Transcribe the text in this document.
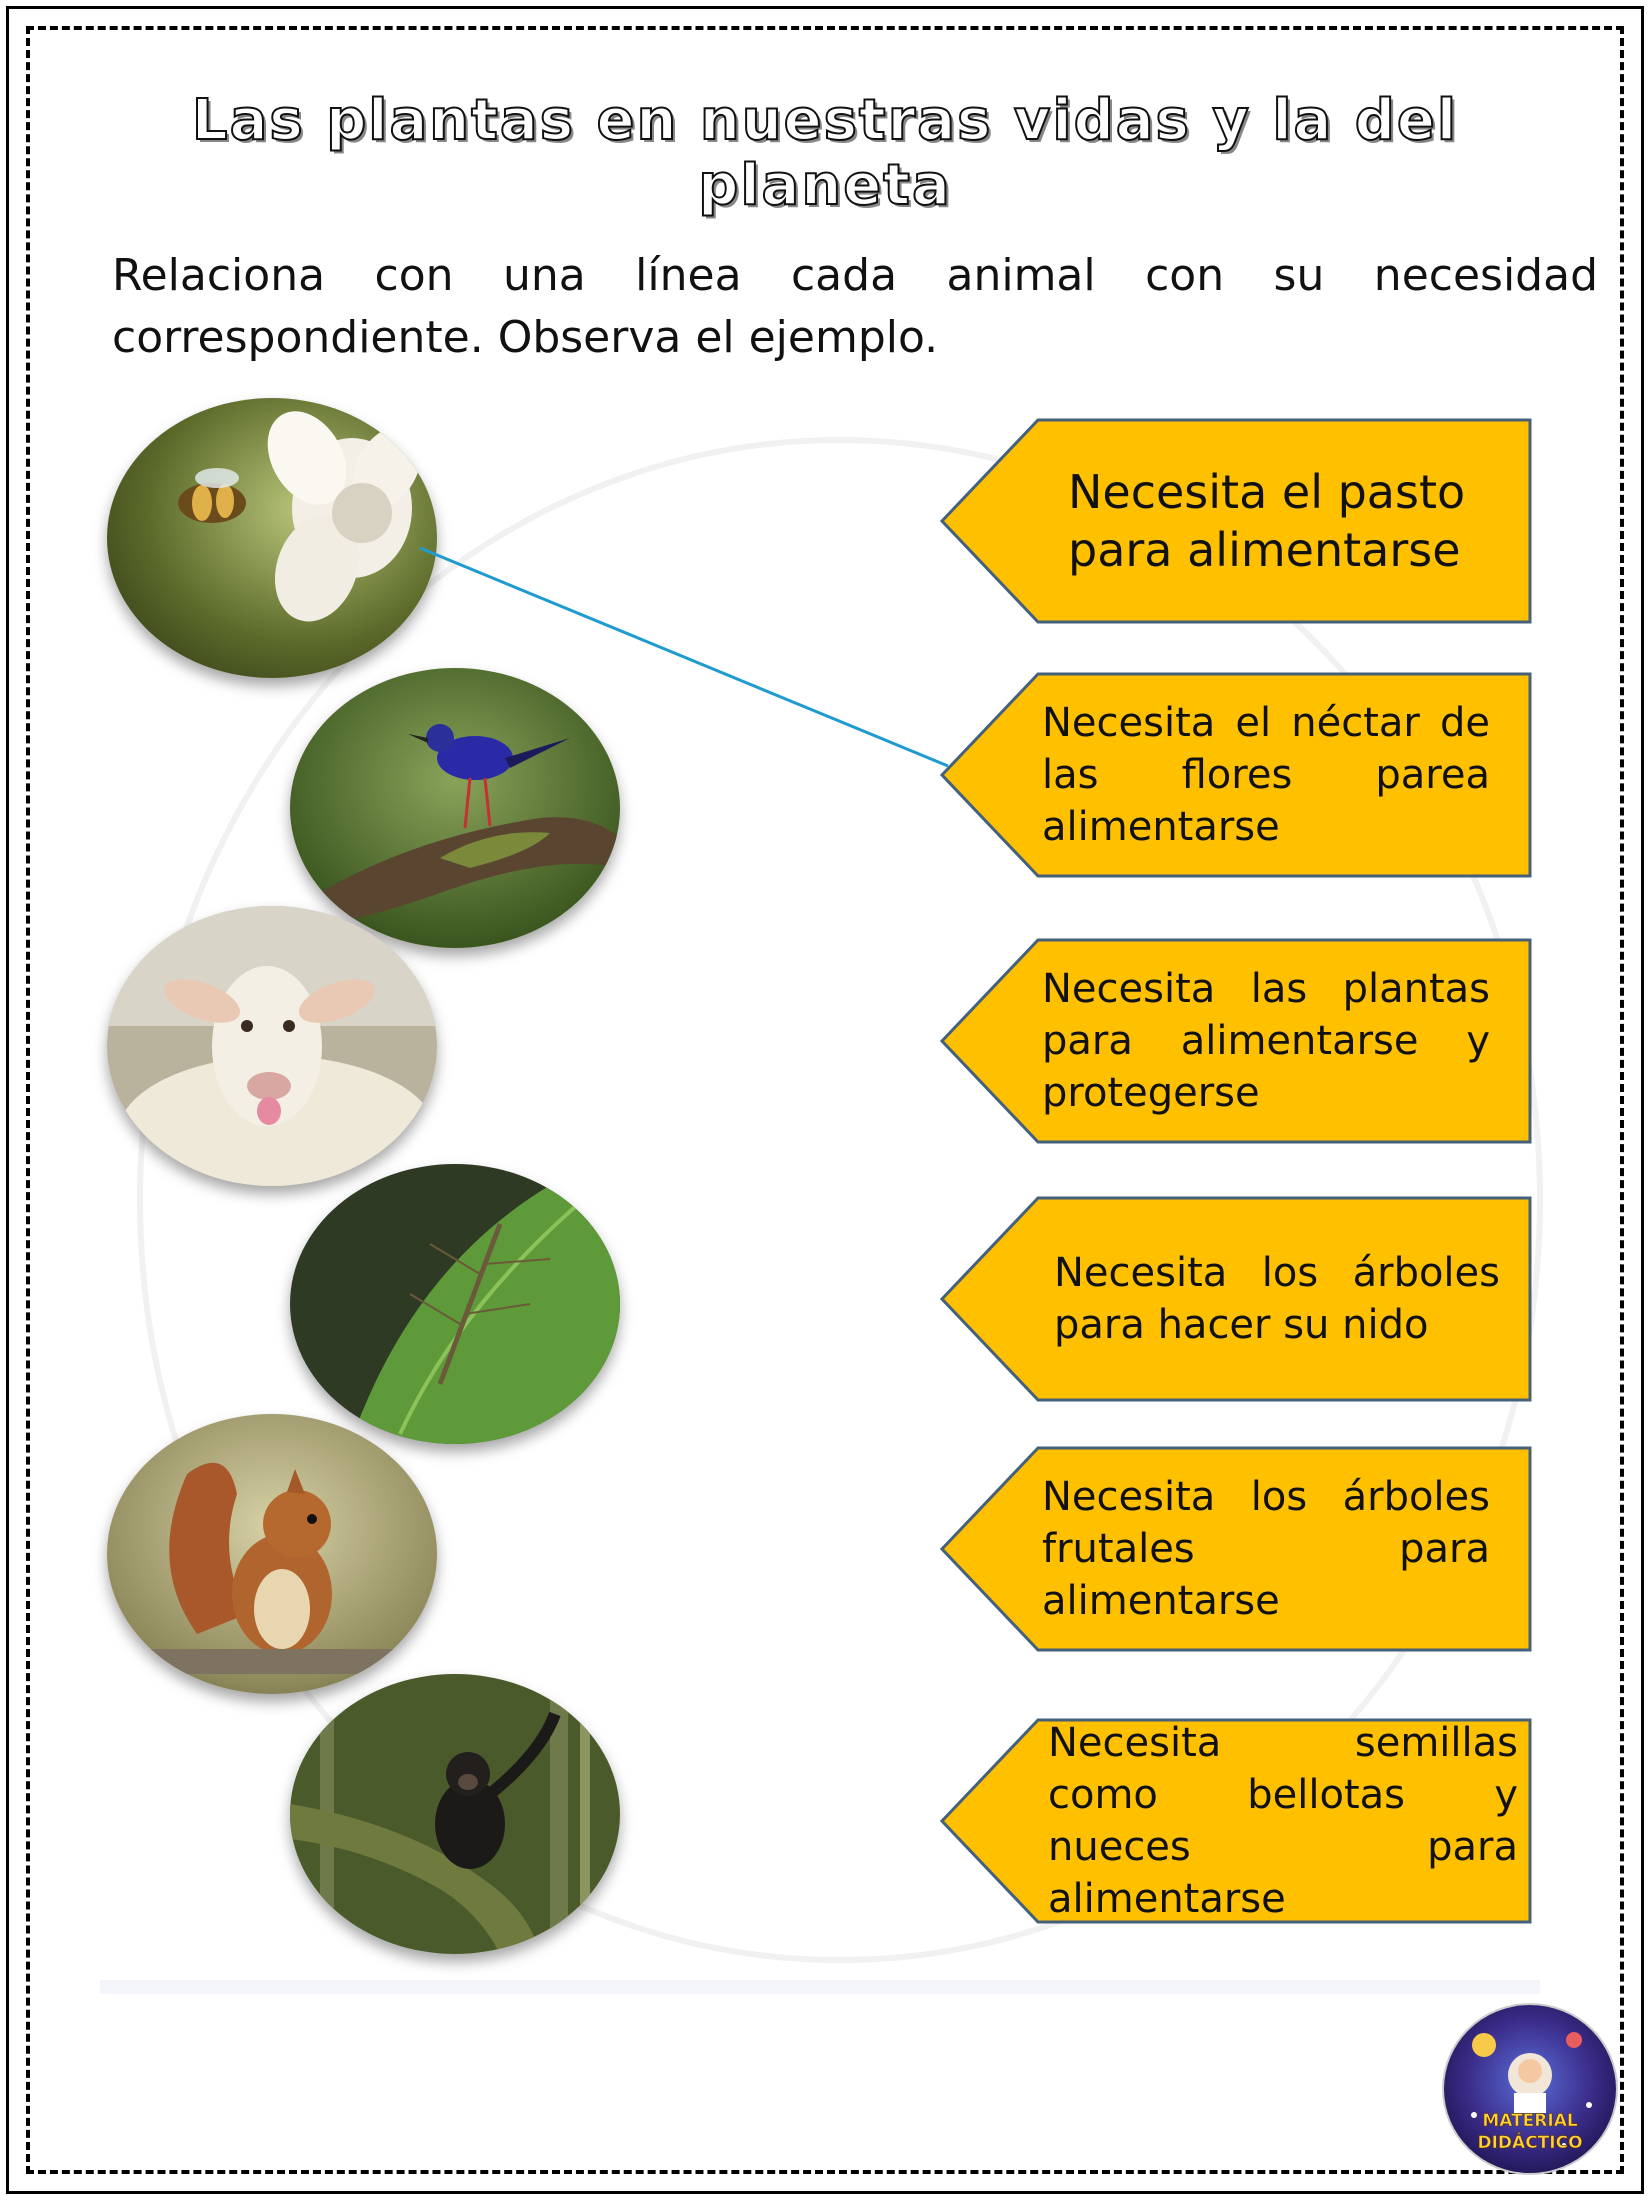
Las plantas en nuestras vidas y la del planeta

Relaciona con una línea cada animal con su necesidad correspondiente. Observa el ejemplo.

Necesita el pasto para alimentarse

Necesita el néctar de las flores parea alimentarse

Necesita las plantas para alimentarse y protegerse

Necesita los árboles para hacer su nido

Necesita los árboles frutales para alimentarse

Necesita semillas como bellotas y nueces para alimentarse

MATERIAL

DIDÁCTICO
